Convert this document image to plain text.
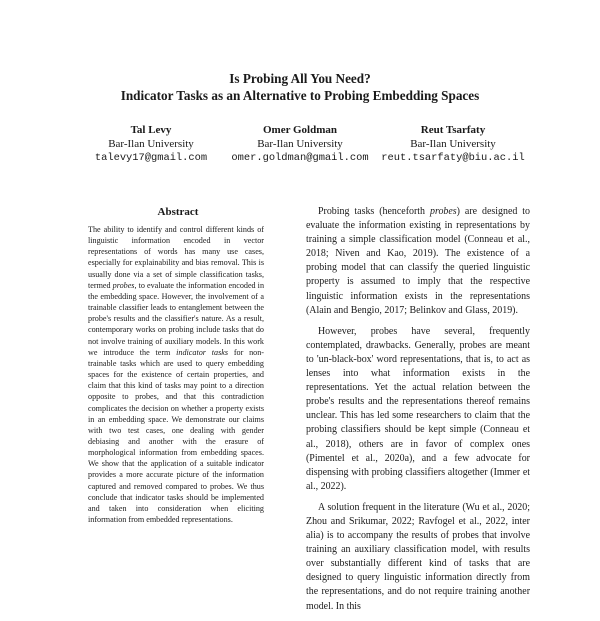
Is Probing All You Need?
Indicator Tasks as an Alternative to Probing Embedding Spaces
Tal Levy
Bar-Ilan University
talevy17@gmail.com
Omer Goldman
Bar-Ilan University
omer.goldman@gmail.com
Reut Tsarfaty
Bar-Ilan University
reut.tsarfaty@biu.ac.il
Abstract
The ability to identify and control different kinds of linguistic information encoded in vector representations of words has many use cases, especially for explainability and bias removal. This is usually done via a set of simple classification tasks, termed probes, to evaluate the information encoded in the embedding space. However, the involvement of a trainable classifier leads to entanglement between the probe's results and the classifier's nature. As a result, contemporary works on probing include tasks that do not involve training of auxiliary models. In this work we introduce the term indicator tasks for non-trainable tasks which are used to query embedding spaces for the existence of certain properties, and claim that this kind of tasks may point to a direction opposite to probes, and that this contradiction complicates the decision on whether a property exists in an embedding space. We demonstrate our claims with two test cases, one dealing with gender debiasing and another with the erasure of morphological information from embedding spaces. We show that the application of a suitable indicator provides a more accurate picture of the information captured and removed compared to probes. We thus conclude that indicator tasks should be implemented and taken into consideration when eliciting information from embedded representations.

Probing tasks (henceforth probes) are designed to evaluate the information existing in representations by training a simple classification model (Conneau et al., 2018; Niven and Kao, 2019). The existence of a probing model that can classify the queried linguistic property is assumed to imply that the respective linguistic information exists in the representations (Alain and Bengio, 2017; Belinkov and Glass, 2019).

However, probes have several, frequently contemplated, drawbacks. Generally, probes are meant to 'un-black-box' word representations, that is, to act as lenses into what information exists in the representations. Yet the actual relation between the probe's results and the representations thereof remains unclear. This has led some researchers to claim that the probing classifiers should be kept simple (Conneau et al., 2018), others are in favor of complex ones (Pimentel et al., 2020a), and a few advocate for dispensing with probing classifiers altogether (Immer et al., 2022).

A solution frequent in the literature (Wu et al., 2020; Zhou and Srikumar, 2022; Ravfogel et al., 2022, inter alia) is to accompany the results of probes that involve training an auxiliary classification model, with results over substantially different kind of tasks that are designed to query linguistic information directly from the representations, and do not require training another model. In this
